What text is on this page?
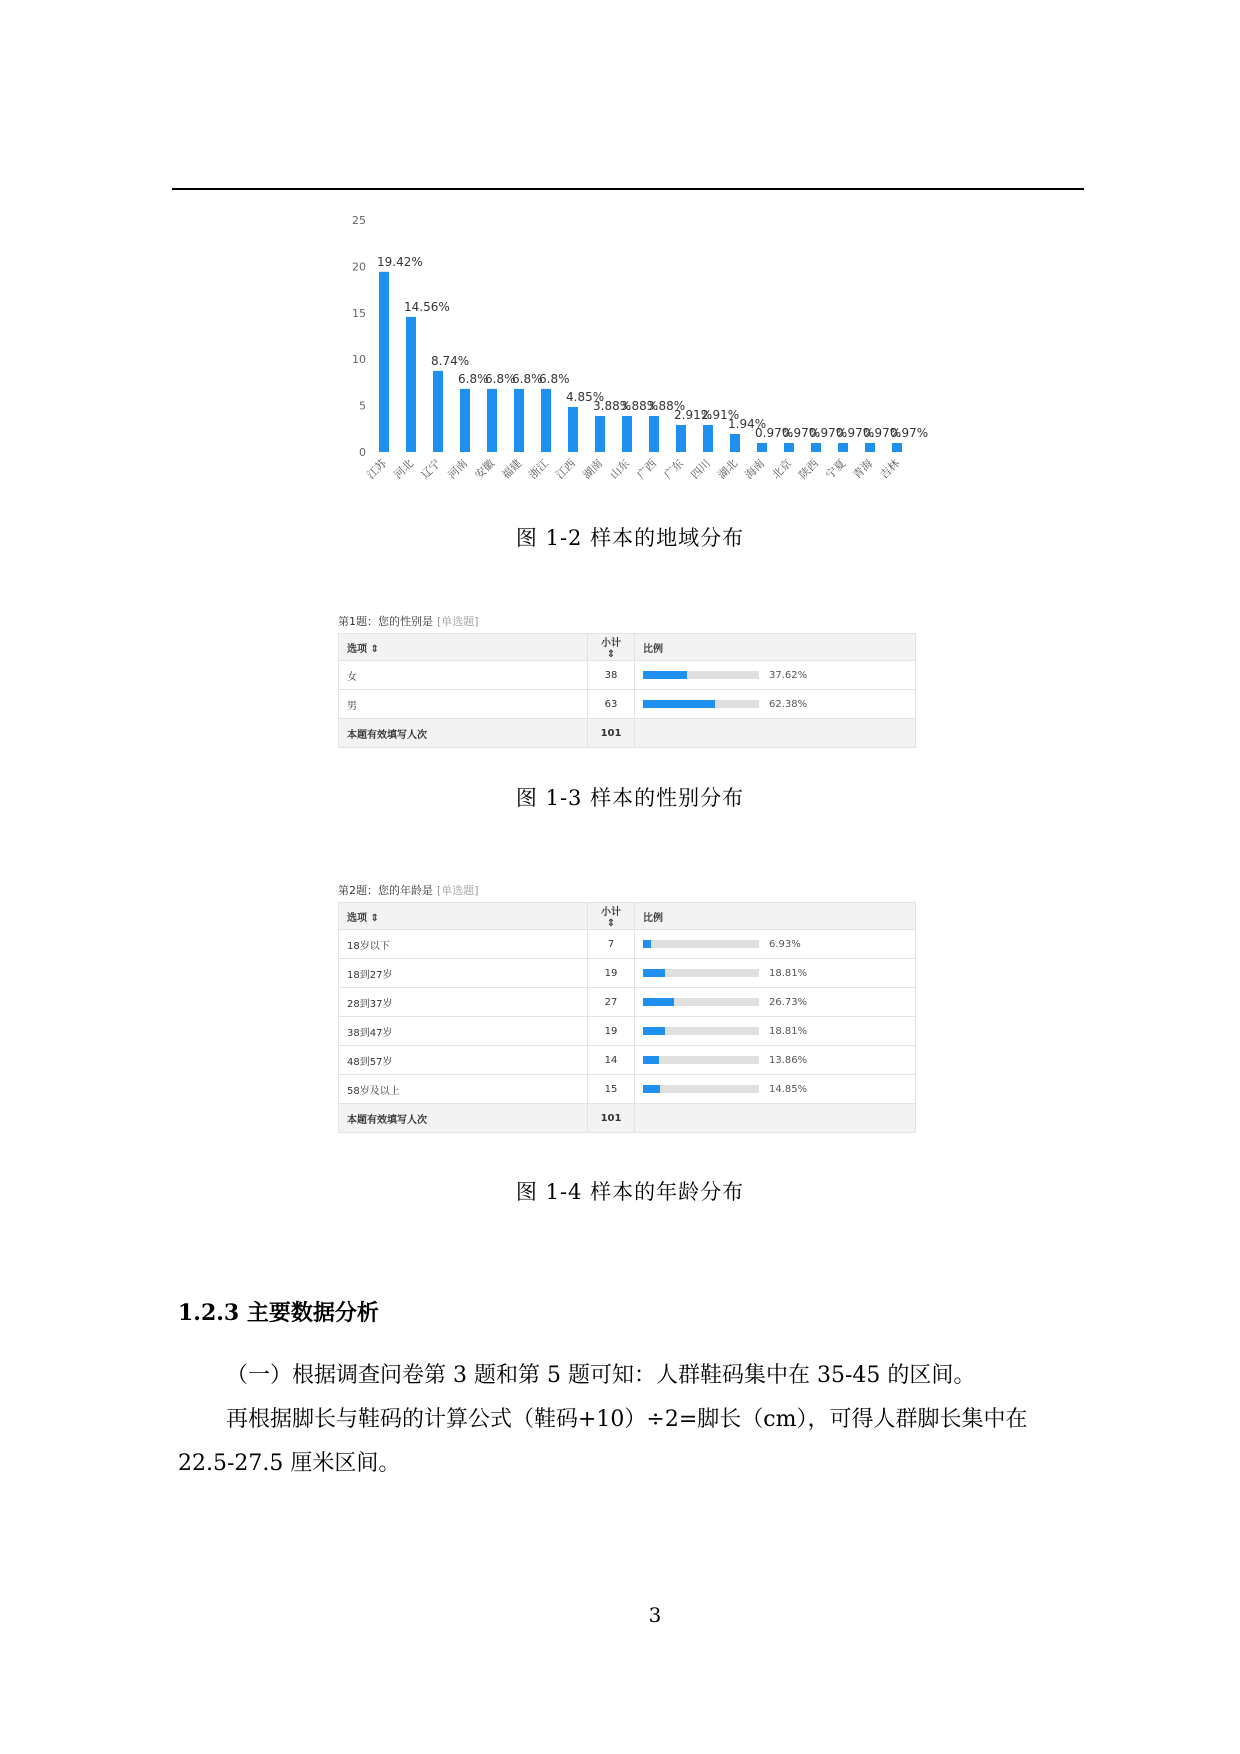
0
5
10
15
20
25
19.42%
江苏
14.56%
河北
8.74%
辽宁
6.8%
河南
6.8%
安徽
6.8%
福建
6.8%
浙江
4.85%
江西
3.88%
湖南
3.88%
山东
3.88%
广西
2.91%
广东
2.91%
四川
1.94%
湖北
0.97%
海南
0.97%
北京
0.97%
陕西
0.97%
宁夏
0.97%
青海
0.97%
吉林
图 1-2 样本的地域分布
第1题：您的性别是 [单选题]
选项 ⇕	小计 ⇕	比例
女	38	37.62%

男	63	62.38%

本题有效填写人次	101	
图 1-3 样本的性别分布
第2题：您的年龄是 [单选题]
选项 ⇕	小计 ⇕	比例
18岁以下	7	6.93%

18到27岁	19	18.81%

28到37岁	27	26.73%

38到47岁	19	18.81%

48到57岁	14	13.86%

58岁及以上	15	14.85%

本题有效填写人次	101	
图 1-4 样本的年龄分布
1.2.3 主要数据分析
（一）根据调查问卷第 3 题和第 5 题可知：人群鞋码集中在 35-45 的区间。
再根据脚长与鞋码的计算公式（鞋码+10）÷2=脚长（cm），可得人群脚长集中在 22.5-27.5 厘米区间。
3
